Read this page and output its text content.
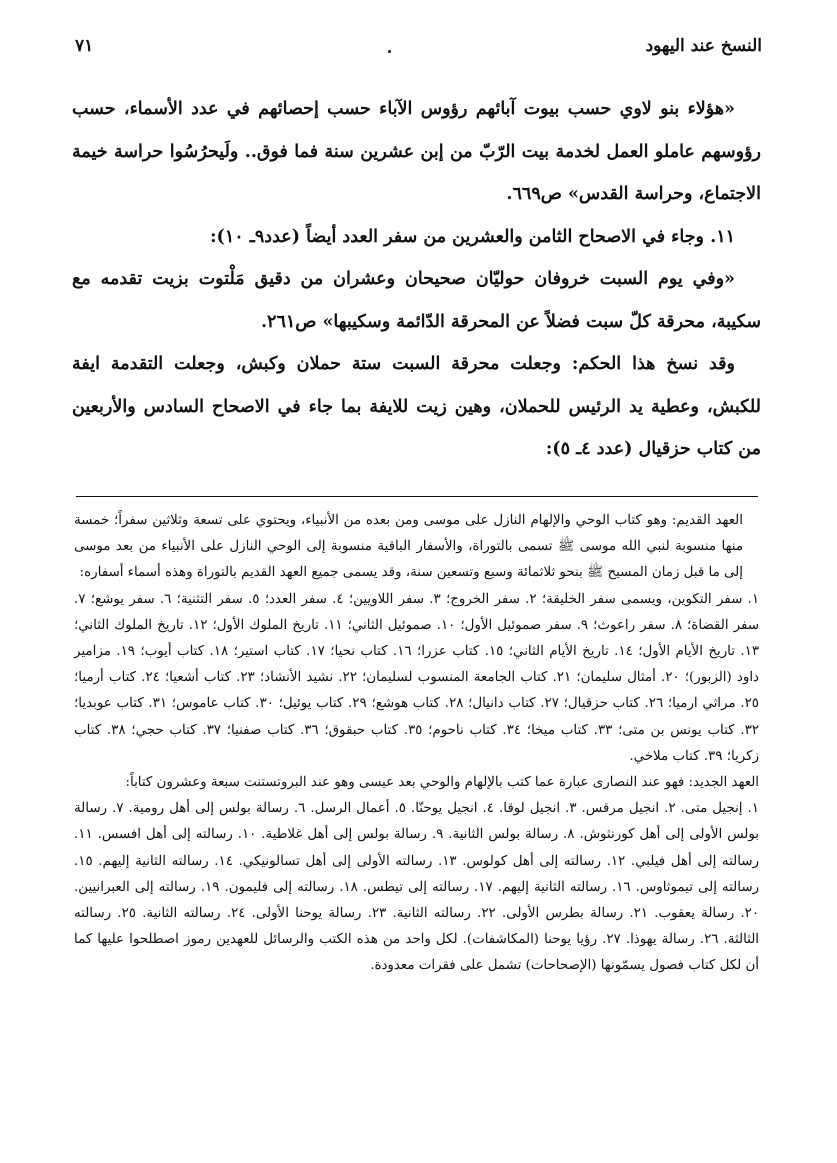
النسخ عند اليهود
٧١

«هؤلاء بنو لاوي حسب بيوت آبائهم رؤوس الآباء حسب إحصائهم في عدد الأسماء، حسب رؤوسهم عاملو العمل لخدمة بيت الرّبّ من إبن عشرين سنة فما فوق.. ولَيحرُسُوا حراسة خيمة الاجتماع، وحراسة القدس» ص٦٦٩.

١١. وجاء في الاصحاح الثامن والعشرين من سفر العدد أيضاً (عدد٩ـ ١٠):

«وفي يوم السبت خروفان حوليّان صحيحان وعشران من دقيق مَلْتوت بزيت تقدمه مع سكيبة، محرقة كلّ سبت فضلاً عن المحرقة الدّائمة وسكيبها» ص٢٦١.

وقد نسخ هذا الحكم: وجعلت محرقة السبت ستة حملان وكبش، وجعلت التقدمة ايفة للكبش، وعطية يد الرئيس للحملان، وهين زيت للايفة بما جاء في الاصحاح السادس والأربعين من كتاب حزقيال (عدد ٤ـ ٥):

العهد القديم: وهو كتاب الوحي والإلهام النازل على موسى ومن بعده من الأنبياء، ويحتوي على تسعة وثلاثين سفراً؛ خمسة منها منسوبة لنبي الله موسى ﷺ تسمى بالتوراة، والأسفار الباقية منسوبة إلى الوحي النازل على الأنبياء من بعد موسى إلى ما قبل زمان المسيح ﷺ بنحو ثلاثمائة وسبع وتسعين سنة، وقد يسمى جميع العهد القديم بالتوراة وهذه أسماء أسفاره:

١. سفر التكوين، ويسمى سفر الخليقة؛ ٢. سفر الخروج؛ ٣. سفر اللاويين؛ ٤. سفر العدد؛ ٥. سفر التثنية؛ ٦. سفر يوشع؛ ٧. سفر القضاة؛ ٨. سفر راعوث؛ ٩. سفر صموئيل الأول؛ ١٠. صموئيل الثاني؛ ١١. تاريخ الملوك الأول؛ ١٢. تاريخ الملوك الثاني؛ ١٣. تاريخ الأيام الأول؛ ١٤. تاريخ الأيام الثاني؛ ١٥. كتاب عزرا؛ ١٦. كتاب نحيا؛ ١٧. كتاب استير؛ ١٨. كتاب أيوب؛ ١٩. مزامير داود (الزبور)؛ ٢٠. أمثال سليمان؛ ٢١. كتاب الجامعة المنسوب لسليمان؛ ٢٢. نشيد الأنشاد؛ ٢٣. كتاب أشعيا؛ ٢٤. كتاب أرميا؛ ٢٥. مراثي ارميا؛ ٢٦. كتاب حزقيال؛ ٢٧. كتاب دانيال؛ ٢٨. كتاب هوشع؛ ٢٩. كتاب يوئيل؛ ٣٠. كتاب عاموس؛ ٣١. كتاب عوبديا؛ ٣٢. كتاب يونس بن متى؛ ٣٣. كتاب ميخا؛ ٣٤. كتاب ناحوم؛ ٣٥. كتاب حبقوق؛ ٣٦. كتاب صفنيا؛ ٣٧. كتاب حجي؛ ٣٨. كتاب زكريا؛ ٣٩. كتاب ملاخي.

العهد الجديد: فهو عند النصارى عبارة عما كتب بالإلهام والوحي بعد عيسى وهو عند البروتستنت سبعة وعشرون كتاباً:

١. إنجيل متى. ٢. انجيل مرقس. ٣. انجيل لوقا. ٤. انجيل يوحنّا. ٥. أعمال الرسل. ٦. رسالة بولس إلى أهل رومية. ٧. رسالة بولس الأولى إلى أهل كورنثوش. ٨. رسالة بولس الثانية. ٩. رسالة بولس إلى أهل غلاطية. ١٠. رسالته إلى أهل افسس. ١١. رسالته إلى أهل فيلبي. ١٢. رسالته إلى أهل كولوس. ١٣. رسالته الأولى إلى أهل تسالونيكي. ١٤. رسالته الثانية إليهم. ١٥. رسالته إلى تيموثاوس. ١٦. رسالته الثانية إليهم. ١٧. رسالته إلى تيطس. ١٨. رسالته إلى فليمون. ١٩. رسالته إلى العبرانيين. ٢٠. رسالة يعقوب. ٢١. رسالة بطرس الأولى. ٢٢. رسالته الثانية. ٢٣. رسالة يوحنا الأولى. ٢٤. رسالته الثانية. ٢٥. رسالته الثالثة. ٢٦. رسالة يهوذا. ٢٧. رؤيا يوحنا (المكاشفات). لكل واحد من هذه الكتب والرسائل للعهدين رموز اصطلحوا عليها كما أن لكل كتاب فصول يسمّونها (الإصحاحات) تشمل على فقرات معدودة.
